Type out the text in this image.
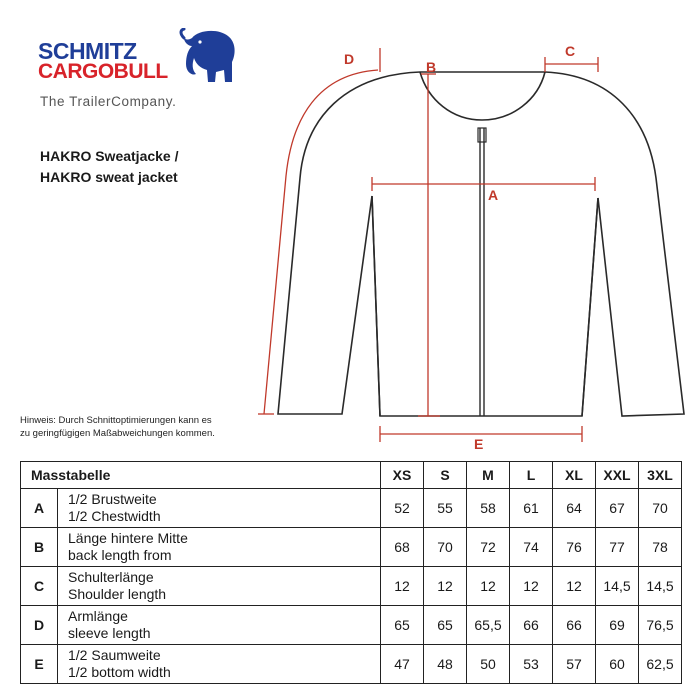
SCHMITZ
CARGOBULL
The TrailerCompany.
HAKRO Sweatjacke /
HAKRO sweat jacket
A
B
C
D
E
Hinweis: Durch Schnittoptimierungen kann es
zu geringfügigen Maßabweichungen kommen.
Masstabelle		XS	S	M	L	XL	XXL	3XL
A	1/2 Brustweite
1/2 Chestwidth	52	55	58	61	64	67	70
B	Länge hintere Mitte
back length from	68	70	72	74	76	77	78
C	Schulterlänge
Shoulder length	12	12	12	12	12	14,5	14,5
D	Armlänge
sleeve length	65	65	65,5	66	66	69	76,5
E	1/2 Saumweite
1/2 bottom width	47	48	50	53	57	60	62,5
